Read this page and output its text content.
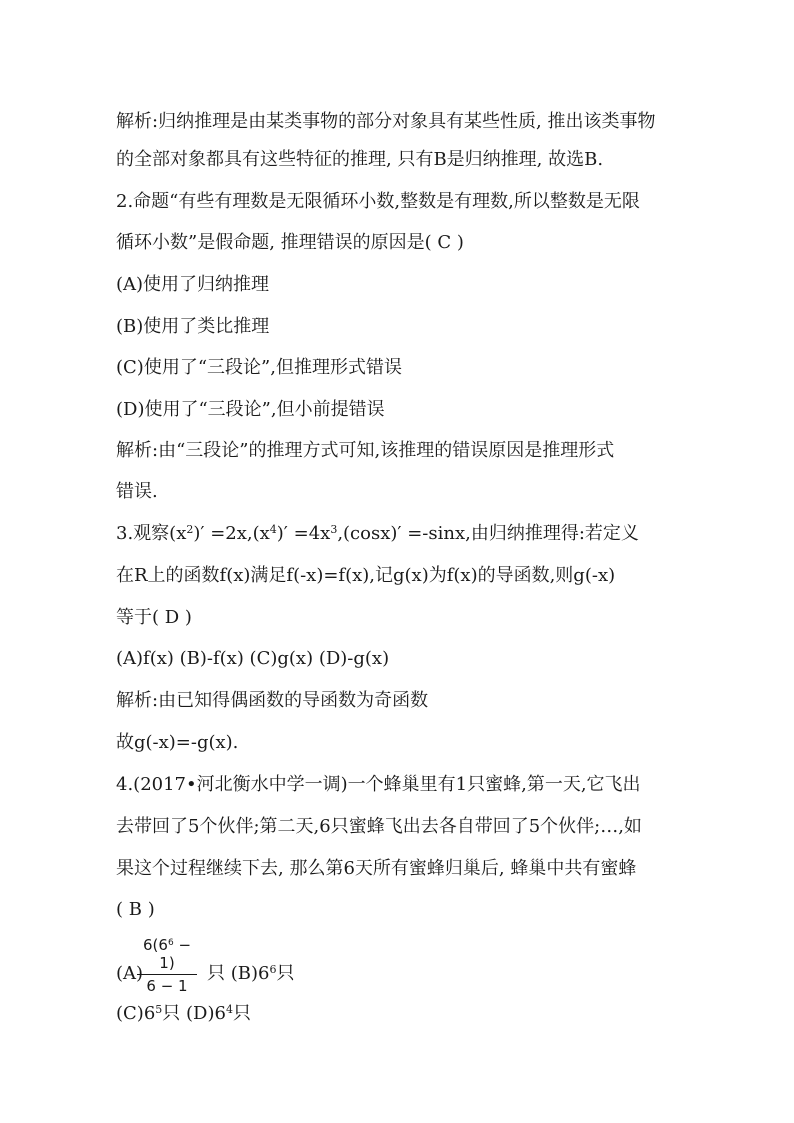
解析:归纳推理是由某类事物的部分对象具有某些性质, 推出该类事物
的全部对象都具有这些特征的推理, 只有B是归纳推理, 故选B.
2.命题“有些有理数是无限循环小数,整数是有理数,所以整数是无限
循环小数”是假命题, 推理错误的原因是( C )
(A)使用了归纳推理
(B)使用了类比推理
(C)使用了“三段论”,但推理形式错误
(D)使用了“三段论”,但小前提错误
解析:由“三段论”的推理方式可知,该推理的错误原因是推理形式
错误.
3.观察$(x^2)' =2x,(x^4)' =4x^3,(\cos x)' =-\sin x$,由归纳推理得:若定义
在R上的函数f(x)满足f(-x)=f(x),记g(x)为f(x)的导函数,则g(-x)
等于( D )
(A)f(x) (B)-f(x) (C)g(x) (D)-g(x)
解析:由已知得偶函数的导函数为奇函数
故g(-x)=-g(x).
4.(2017•河北衡水中学一调)一个蜂巢里有1只蜜蜂,第一天,它飞出
去带回了5个伙伴;第二天,6只蜜蜂飞出去各自带回了5个伙伴;…,如
果这个过程继续下去, 那么第6天所有蜜蜂归巢后, 蜂巢中共有蜜蜂
( B )
$6(6^6 - 1)$
6 − 1
(A)	只 $(B)6^6$只
$(C)6^5$只 $(D)6^4$只
